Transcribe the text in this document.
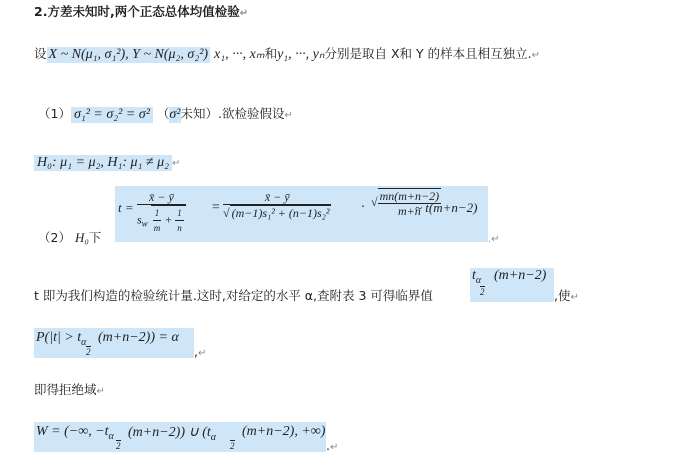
2.方差未知时,两个正态总体均值检验↵
设 X ~ N(μ₁, σ₁²), Y ~ N(μ₂, σ₂²) x₁, ···, xₘ和y₁, ···, yₙ分别是取自 X和 Y 的样本且相互独立.↵
（1） σ₁² = σ₂² = σ² （σ²未知）.欲检验假设↵
H₀: μ₁ = μ₂, H₁: μ₁ ≠ μ₂ ↵
（2） H₀下
$t = \frac{x̄ - ȳ}{s_w \frac{1}{m} + \frac{1}{n}} = \frac{x̄ - ȳ}{\text{√ (m−1)s₁² + (n−1)s₂²}}$ · √ $\frac{mn(m+n-2)}{m+n}$
~ t(m+n−2)
.↵
t 即为我们构造的检验统计量.这时,对给定的水平 α,查附表 3 可得临界值
$t_\alpha$
2
(m+n−2)
,使↵
$P(|t| > t_\alpha$
2
(m+n−2)) = α
,↵
即得拒绝域↵
W = (−∞, $-t_\alpha$
2
(m+n−2)) ∪ ($t_\alpha$
2
(m+n−2), +∞)
.↵
